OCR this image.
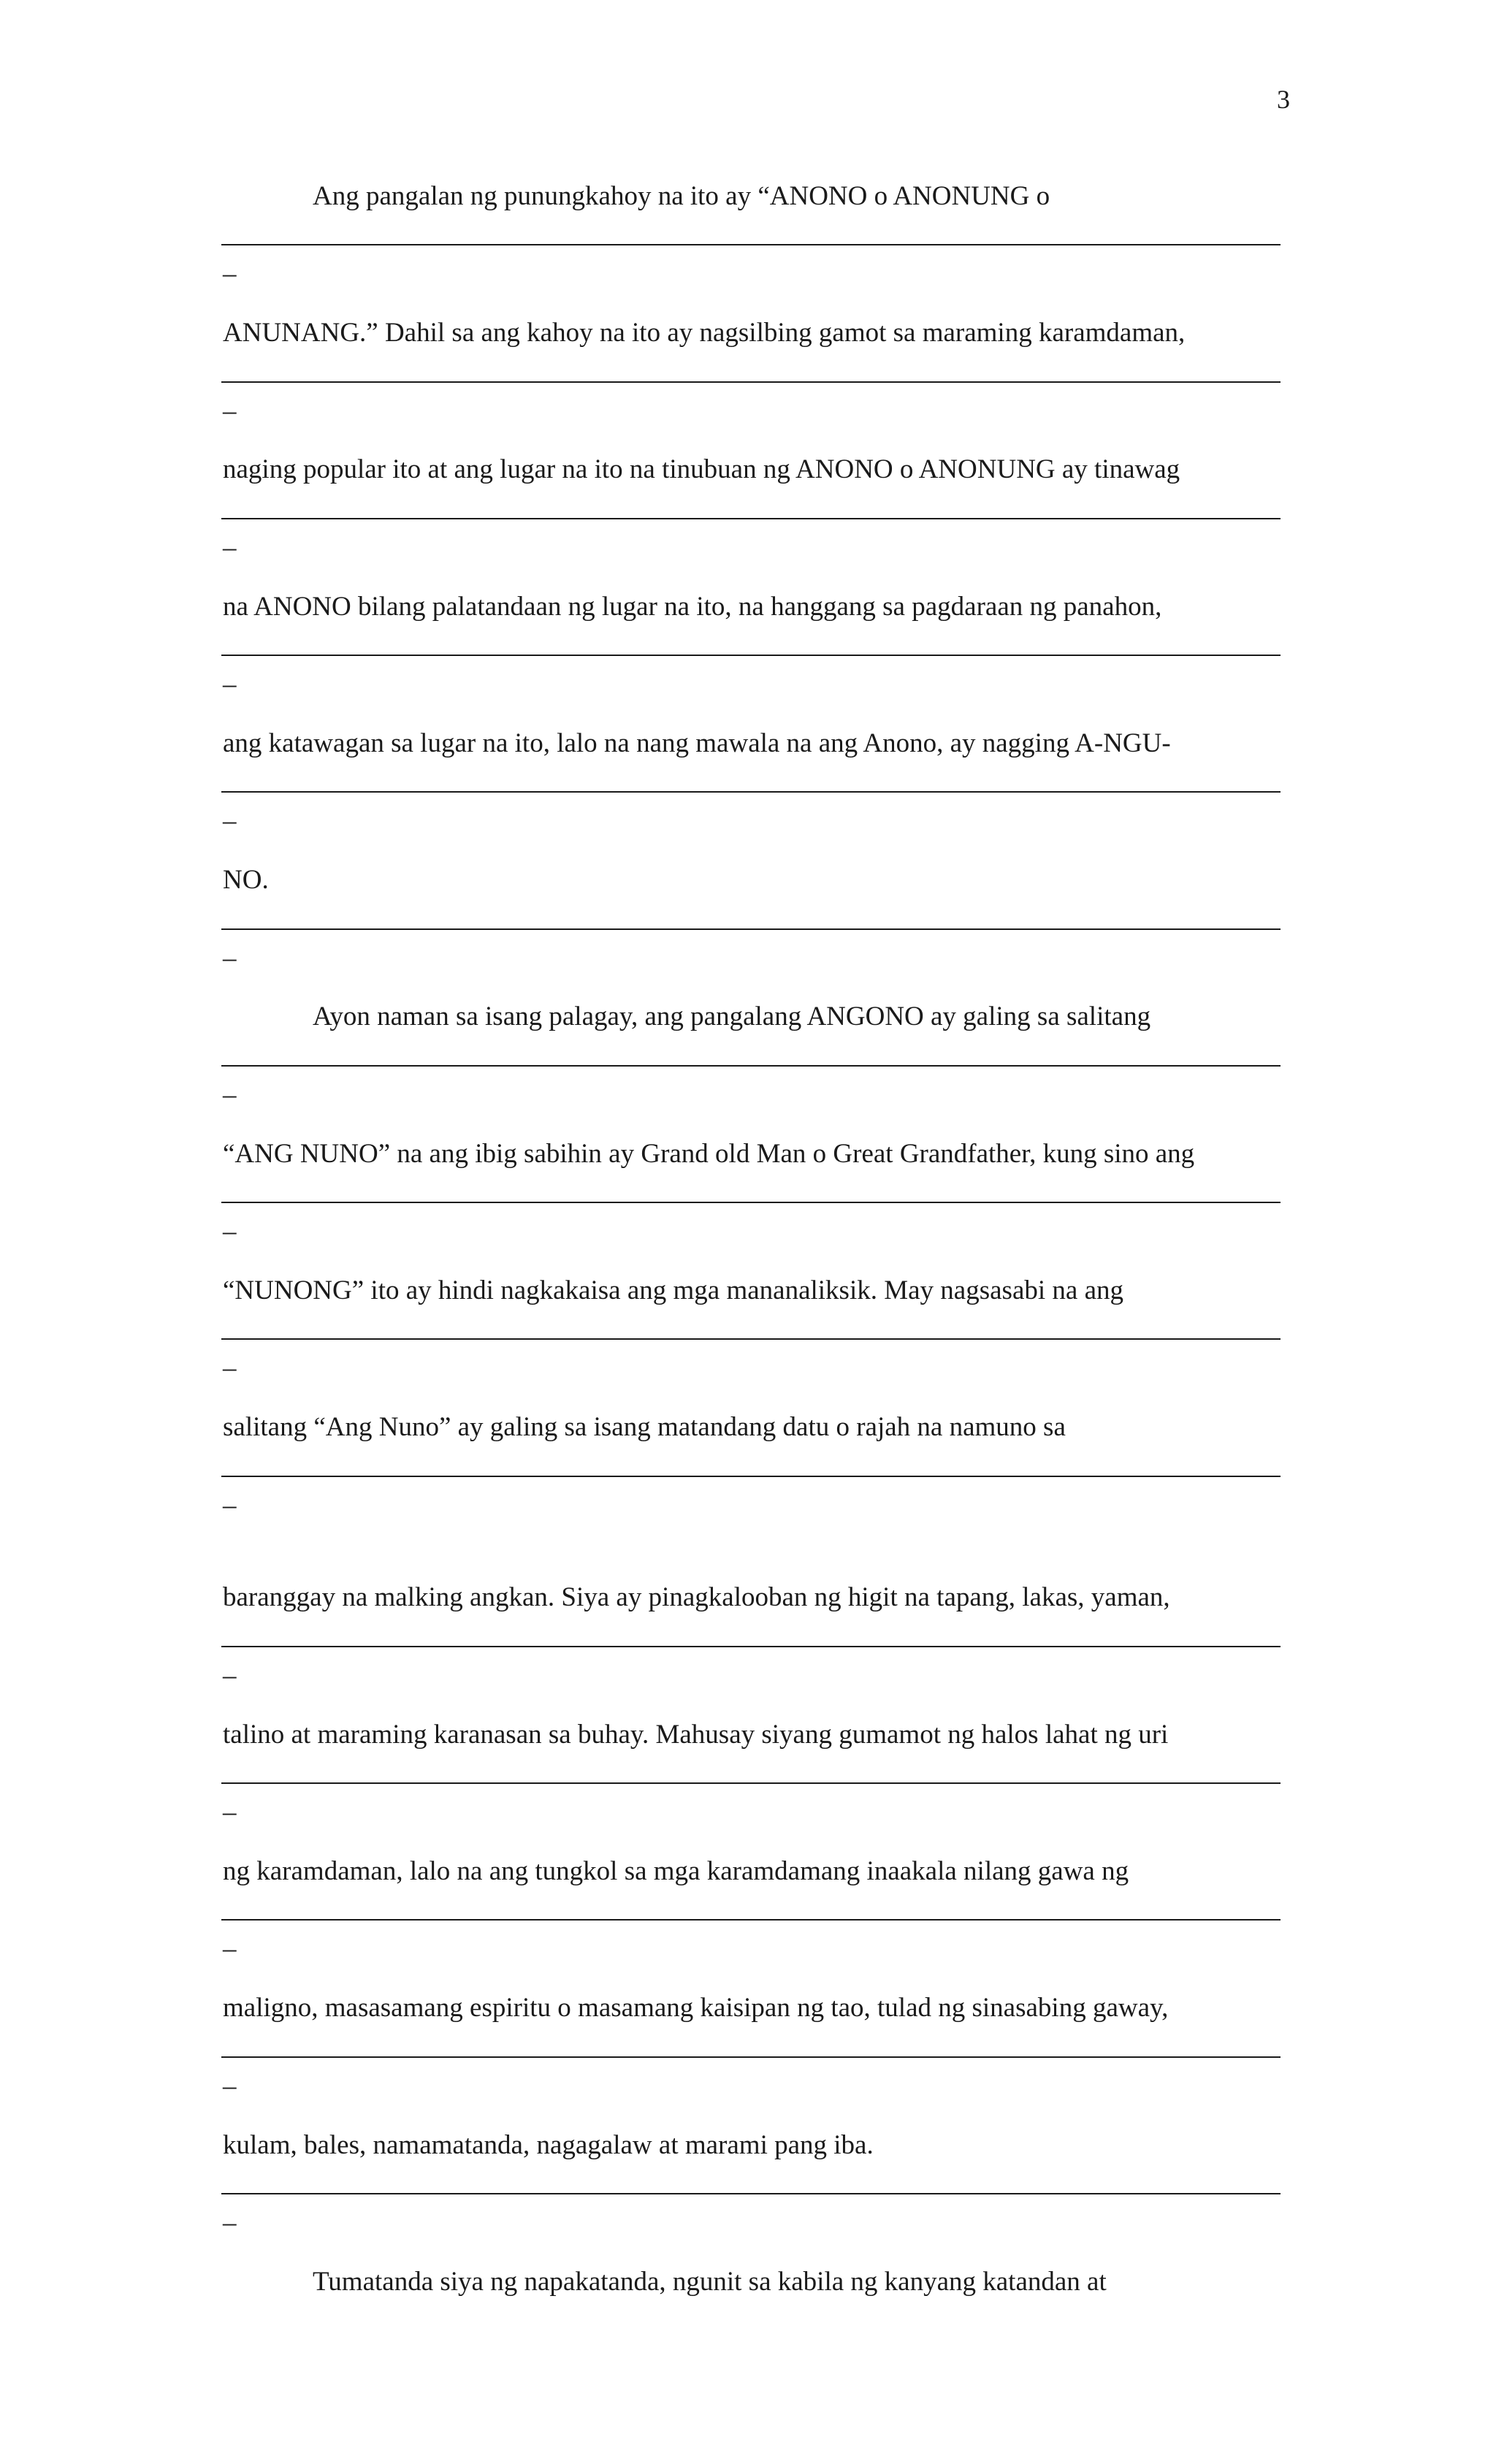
3
Ang pangalan ng punungkahoy na ito ay “ANONO o ANONUNG o
–
ANUNANG.” Dahil sa ang kahoy na ito ay nagsilbing gamot sa maraming karamdaman,
–
naging popular ito at ang lugar na ito na tinubuan ng ANONO o ANONUNG ay tinawag
–
na ANONO bilang palatandaan ng lugar na ito, na hanggang sa pagdaraan ng panahon,
–
ang katawagan sa lugar na ito, lalo na nang mawala na ang Anono, ay nagging A-NGU-
–
NO.
–
Ayon naman sa isang palagay, ang pangalang ANGONO ay galing sa salitang
–
“ANG NUNO” na ang ibig sabihin ay Grand old Man o Great Grandfather, kung sino ang
–
“NUNONG” ito ay hindi nagkakaisa ang mga mananaliksik. May nagsasabi na ang
–
salitang “Ang Nuno” ay galing sa isang matandang datu o rajah na namuno sa
–
baranggay na malking angkan. Siya ay pinagkalooban ng higit na tapang, lakas, yaman,
–
talino at maraming karanasan sa buhay. Mahusay siyang gumamot ng halos lahat ng uri
–
ng karamdaman, lalo na ang tungkol sa mga karamdamang inaakala nilang gawa ng
–
maligno, masasamang espiritu o masamang kaisipan ng tao, tulad ng sinasabing gaway,
–
kulam, bales, namamatanda, nagagalaw at marami pang iba.
–
Tumatanda siya ng napakatanda, ngunit sa kabila ng kanyang katandan at
